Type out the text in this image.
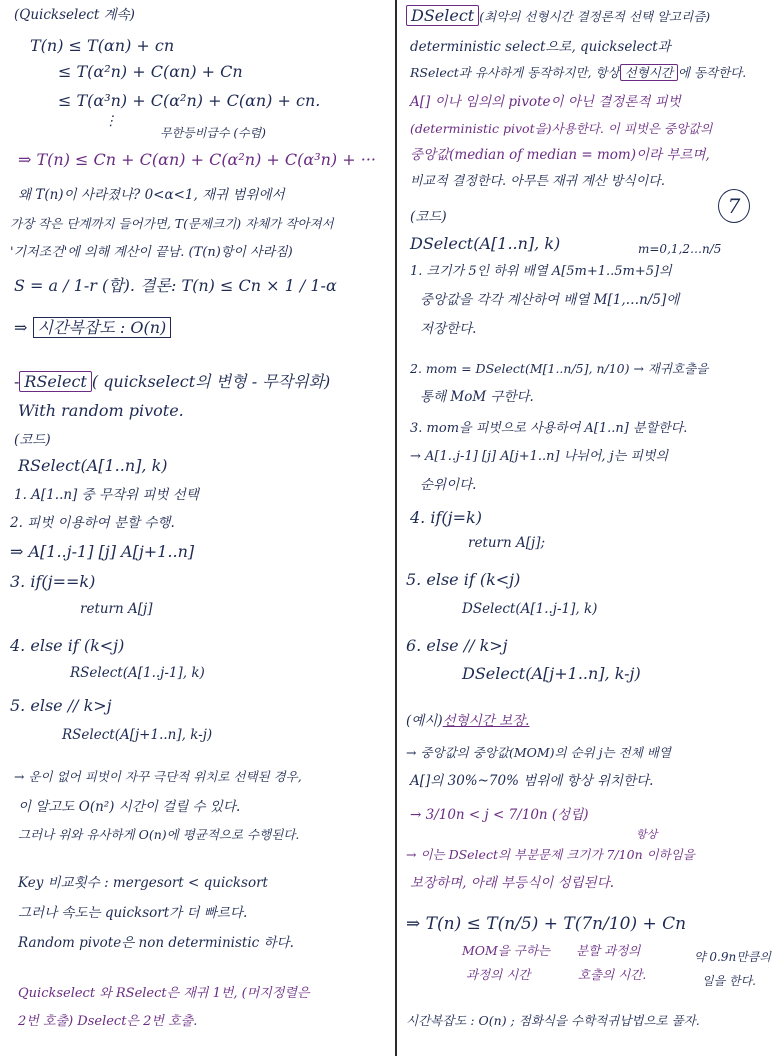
(Quickselect 계속)
T(n) ≤ T(αn) + cn
≤ T(α²n) + C(αn) + Cn
≤ T(α³n) + C(α²n) + C(αn) + cn.
⋮
무한등비급수 (수렴)
⇒ T(n) ≤ Cn + C(αn) + C(α²n) + C(α³n) + ···
왜 T(n)이 사라졌나? 0<α<1, 재귀 범위에서
가장 작은 단계까지 들어가면, T(문제크기) 자체가 작아져서
'기저조건'에 의해 계산이 끝남. (T(n)항이 사라짐)
S = a / 1-r (합). 결론: T(n) ≤ Cn × 1 / 1-α
⇒ 시간복잡도 : O(n)
- RSelect ( quickselect의 변형 - 무작위화)
With random pivote.
(코드)
RSelect(A[1..n], k)
1. A[1..n] 중 무작위 피벗 선택
2. 피벗 이용하여 분할 수행.
⇒ A[1..j-1] [j] A[j+1..n]
3. if(j==k)
return A[j]
4. else if (k<j)
RSelect(A[1..j-1], k)
5. else // k>j
RSelect(A[j+1..n], k-j)
→ 운이 없어 피벗이 자꾸 극단적 위치로 선택된 경우,
이 알고도 O(n²) 시간이 걸릴 수 있다.
그러나 위와 유사하게 O(n)에 평균적으로 수행된다.
Key 비교횟수 : mergesort < quicksort
그러나 속도는 quicksort가 더 빠르다.
Random pivote은 non deterministic 하다.
Quickselect 와 RSelect은 재귀 1번, (머지정렬은
2번 호출) Dselect은 2번 호출.
DSelect (최악의 선형시간 결정론적 선택 알고리즘)
deterministic select으로, quickselect과
RSelect과 유사하게 동작하지만, 항상 선형시간 에 동작한다.
A[] 이나 임의의 pivote이 아닌 결정론적 피벗
(deterministic pivot을)사용한다. 이 피벗은 중앙값의
중앙값(median of median = mom)이라 부르며,
비교적 결정한다. 아무튼 재귀 계산 방식이다.
7
(코드)
DSelect(A[1..n], k)	m=0,1,2…n/5
1. 크기가 5인 하위 배열 A[5m+1..5m+5]의
중앙값을 각각 계산하여 배열 M[1,…n/5]에
저장한다.
2. mom = DSelect(M[1..n/5], n/10) → 재귀호출을
통해 MoM 구한다.
3. mom을 피벗으로 사용하여 A[1..n] 분할한다.
→ A[1..j-1] [j] A[j+1..n] 나뉘어, j는 피벗의
순위이다.
4. if(j=k)
return A[j];
5. else if (k<j)
DSelect(A[1..j-1], k)
6. else // k>j
DSelect(A[j+1..n], k-j)
(예시)선형시간 보장.
→ 중앙값의 중앙값(MOM)의 순위 j는 전체 배열
A[]의 30%~70% 범위에 항상 위치한다.
→ 3/10n < j < 7/10n (성립)
항상
→ 이는 DSelect의 부분문제 크기가 7/10n 이하임을
보장하며, 아래 부등식이 성립된다.
⇒ T(n) ≤ T(n/5) + T(7n/10) + Cn
MOM을 구하는 분할 과정의	약 0.9n만큼의
과정의 시간	호출의 시간.	일을 한다.
시간복잡도 : O(n) ; 점화식을 수학적귀납법으로 풀자.
